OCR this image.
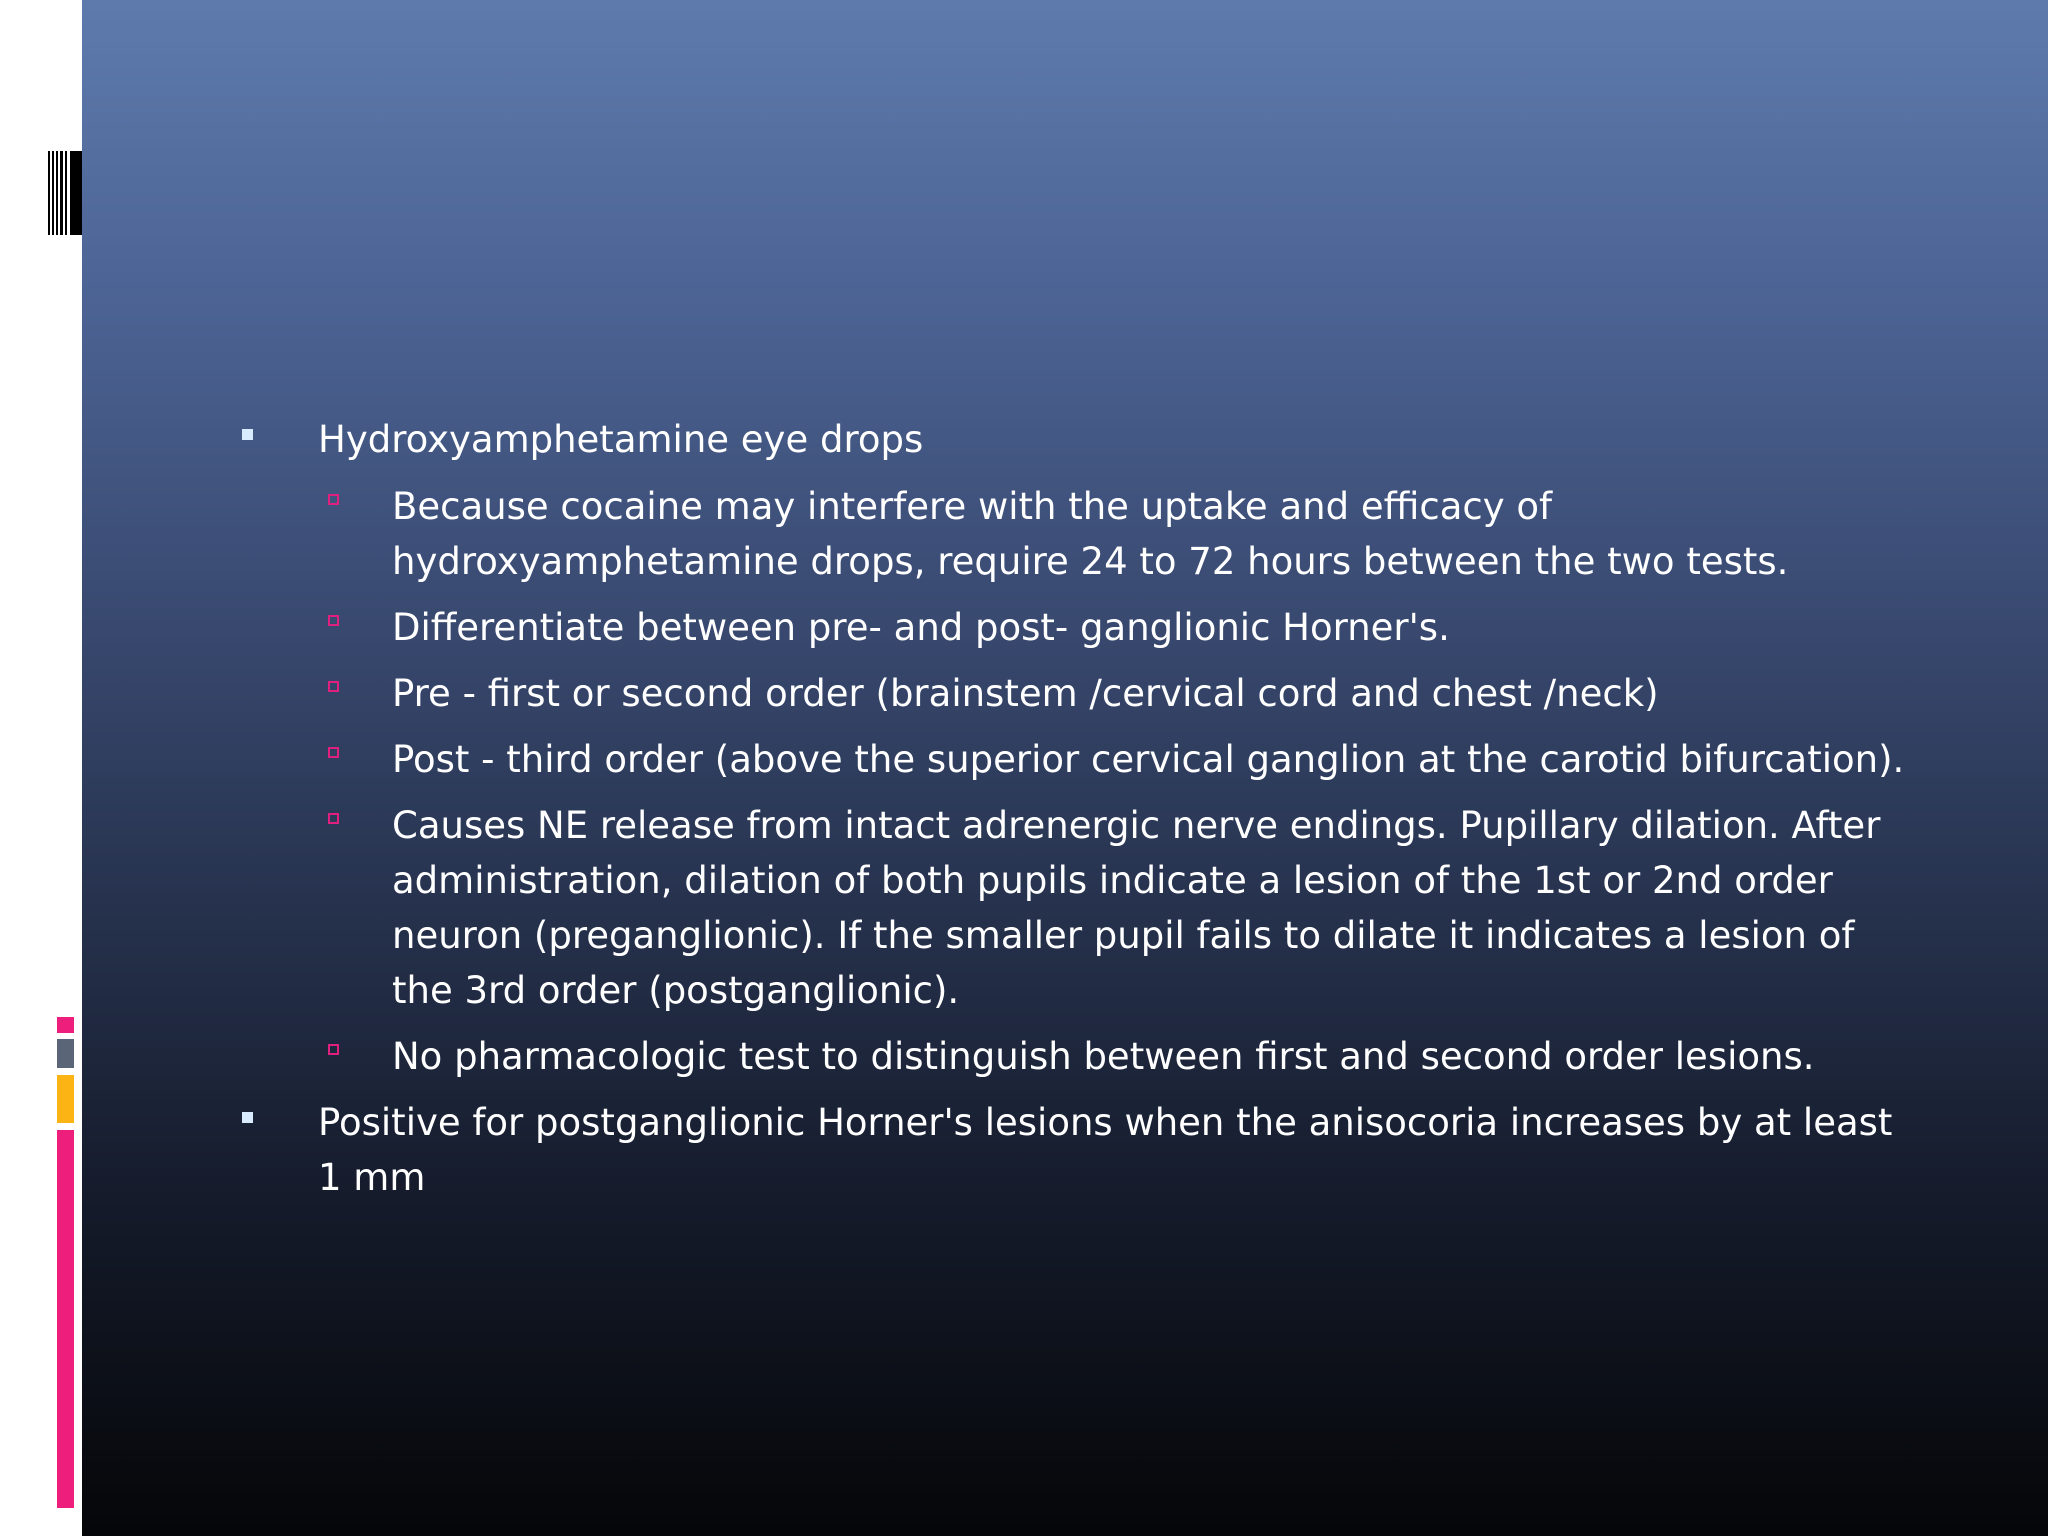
Hydroxyamphetamine eye drops
Because cocaine may interfere with the uptake and efficacy of hydroxyamphetamine drops, require 24 to 72 hours between the two tests.
Differentiate between pre- and post- ganglionic Horner's.
Pre - first or second order (brainstem /cervical cord and chest /neck)
Post - third order (above the superior cervical ganglion at the carotid bifurcation).
Causes NE release from intact adrenergic nerve endings. Pupillary dilation. After administration, dilation of both pupils indicate a lesion of the 1st or 2nd order neuron (preganglionic). If the smaller pupil fails to dilate it indicates a lesion of the 3rd order (postganglionic).
No pharmacologic test to distinguish between first and second order lesions.
Positive for postganglionic Horner's lesions when the anisocoria increases by at least 1 mm
